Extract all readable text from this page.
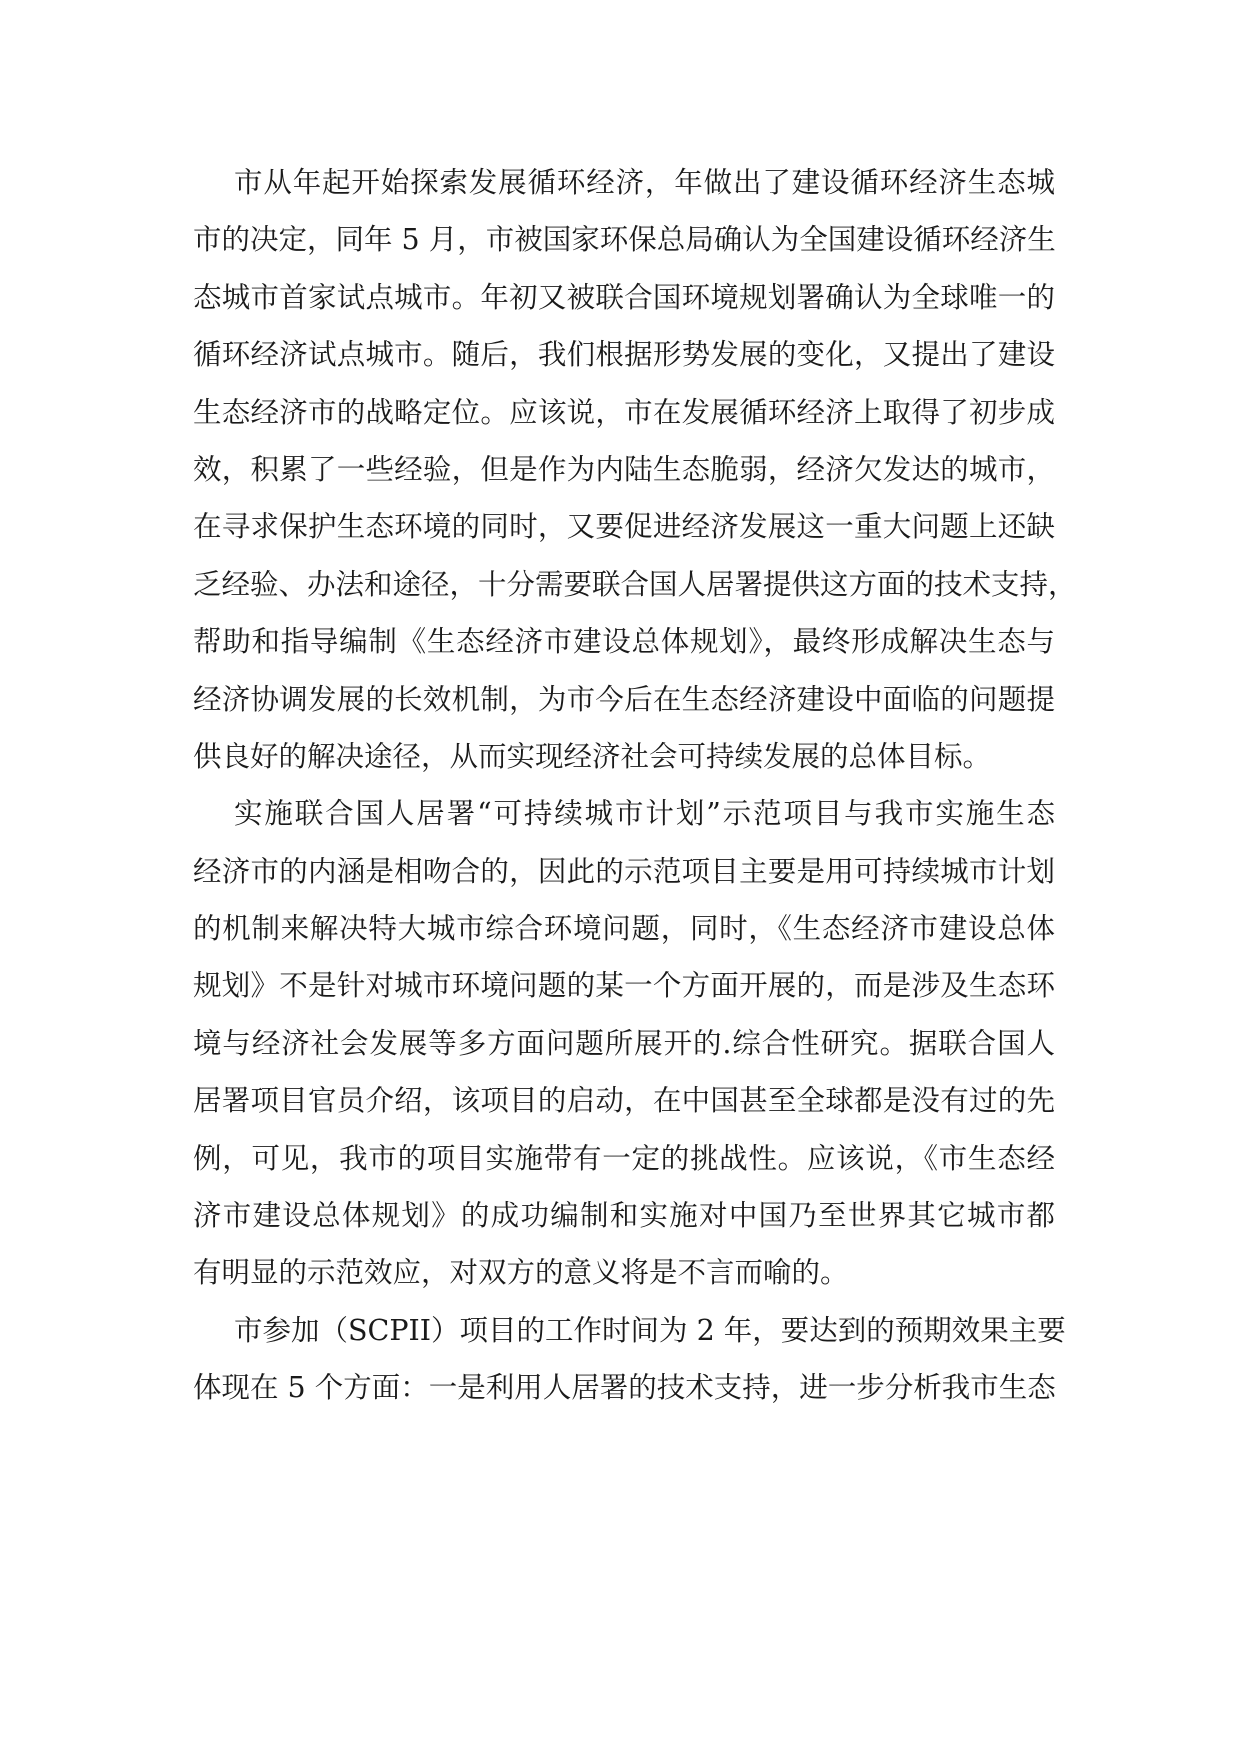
市从年起开始探索发展循环经济，年做出了建设循环经济生态城
市的决定，同年 5 月，市被国家环保总局确认为全国建设循环经济生
态城市首家试点城市。年初又被联合国环境规划署确认为全球唯一的
循环经济试点城市。随后，我们根据形势发展的变化，又提出了建设
生态经济市的战略定位。应该说，市在发展循环经济上取得了初步成
效，积累了一些经验，但是作为内陆生态脆弱，经济欠发达的城市，
在寻求保护生态环境的同时，又要促进经济发展这一重大问题上还缺
乏经验、办法和途径，十分需要联合国人居署提供这方面的技术支持，
帮助和指导编制《生态经济市建设总体规划》，最终形成解决生态与
经济协调发展的长效机制，为市今后在生态经济建设中面临的问题提
供良好的解决途径，从而实现经济社会可持续发展的总体目标。
实施联合国人居署“可持续城市计划”示范项目与我市实施生态
经济市的内涵是相吻合的，因此的示范项目主要是用可持续城市计划
的机制来解决特大城市综合环境问题，同时，《生态经济市建设总体
规划》不是针对城市环境问题的某一个方面开展的，而是涉及生态环
境与经济社会发展等多方面问题所展开的.综合性研究。据联合国人
居署项目官员介绍，该项目的启动，在中国甚至全球都是没有过的先
例，可见，我市的项目实施带有一定的挑战性。应该说，《市生态经
济市建设总体规划》的成功编制和实施对中国乃至世界其它城市都
有明显的示范效应，对双方的意义将是不言而喻的。
市参加（SCPII）项目的工作时间为 2 年，要达到的预期效果主要
体现在 5 个方面：一是利用人居署的技术支持，进一步分析我市生态
